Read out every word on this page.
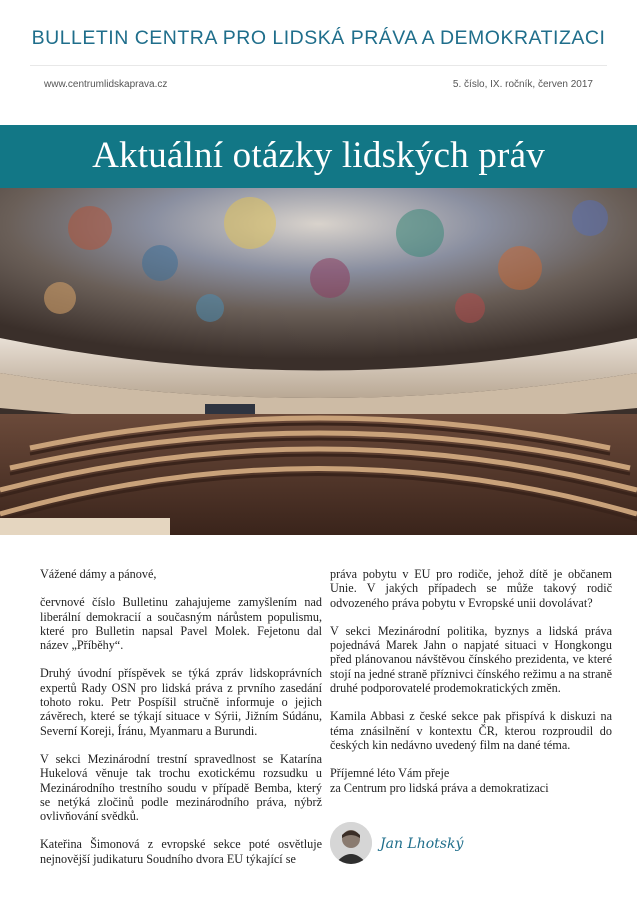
BULLETIN CENTRA PRO LIDSKÁ PRÁVA A DEMOKRATIZACI
www.centrumlidskaprava.cz	5. číslo, IX. ročník, červen 2017
Aktuální otázky lidských práv

Vážené dámy a pánové,

červnové číslo Bulletinu zahajujeme zamyšlením nad liberální demokracií a současným nárůstem populismu, které pro Bulletin napsal Pavel Molek. Fejetonu dal název „Příběhy“.

Druhý úvodní příspěvek se týká zpráv lidskoprávních expertů Rady OSN pro lidská práva z prvního zasedání tohoto roku. Petr Pospíšil stručně informuje o jejich závěrech, které se týkají situace v Sýrii, Jižním Súdánu, Severní Koreji, Íránu, Myanmaru a Burundi.

V sekci Mezinárodní trestní spravedlnost se Katarína Hukelová věnuje tak trochu exotickému rozsudku u Mezinárodního trestního soudu v případě Bemba, který se netýká zločinů podle mezinárodního práva, nýbrž ovlivňování svědků.

Kateřina Šimonová z evropské sekce poté osvětluje nejnovější judikaturu Soudního dvora EU týkající se

práva pobytu v EU pro rodiče, jehož dítě je občanem Unie. V jakých případech se může takový rodič odvozeného práva pobytu v Evropské unii dovolávat?

V sekci Mezinárodní politika, byznys a lidská práva pojednává Marek Jahn o napjaté situaci v Hongkongu před plánovanou návštěvou čínského prezidenta, ve které stojí na jedné straně příznivci čínského režimu a na straně druhé podporovatelé prodemokratických změn.

Kamila Abbasi z české sekce pak přispívá k diskuzi na téma znásilnění v kontextu ČR, kterou rozproudil do českých kin nedávno uvedený film na dané téma.

Příjemné léto Vám přeje

za Centrum pro lidská práva a demokratizaci

Jan Lhotský
